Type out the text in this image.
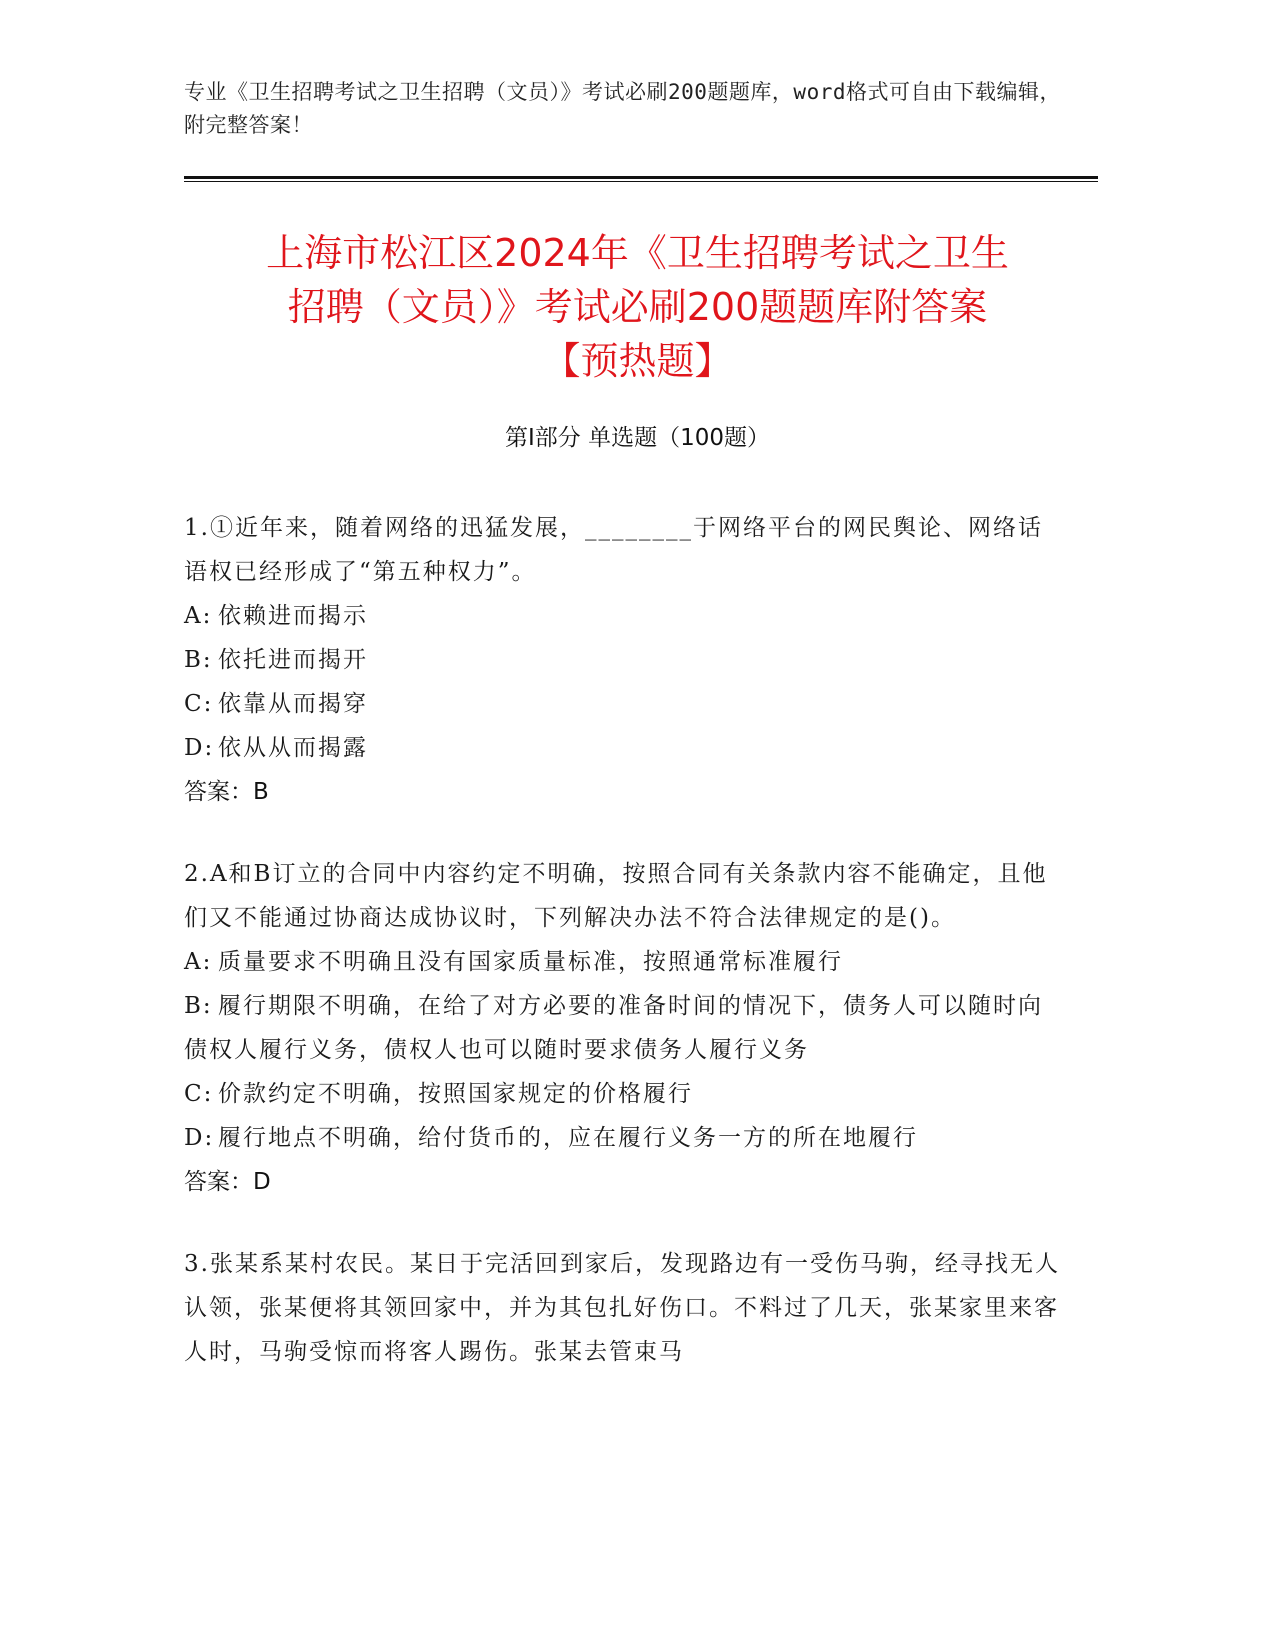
专业《卫生招聘考试之卫生招聘（文员）》考试必刷200题题库，word格式可自由下载编辑，附完整答案！
上海市松江区2024年《卫生招聘考试之卫生
招聘（文员）》考试必刷200题题库附答案
【预热题】
第Ⅰ部分 单选题（100题）
1.①近年来，随着网络的迅猛发展，________于网络平台的网民舆论、网络话语权已经形成了“第五种权力”。
A: 依赖进而揭示
B: 依托进而揭开
C: 依靠从而揭穿
D: 依从从而揭露
答案：B
2.A和B订立的合同中内容约定不明确，按照合同有关条款内容不能确定，且他们又不能通过协商达成协议时，下列解决办法不符合法律规定的是()。
A: 质量要求不明确且没有国家质量标准，按照通常标准履行
B: 履行期限不明确，在给了对方必要的准备时间的情况下，债务人可以随时向债权人履行义务，债权人也可以随时要求债务人履行义务
C: 价款约定不明确，按照国家规定的价格履行
D: 履行地点不明确，给付货币的，应在履行义务一方的所在地履行
答案：D
3.张某系某村农民。某日于完活回到家后，发现路边有一受伤马驹，经寻找无人认领，张某便将其领回家中，并为其包扎好伤口。不料过了几天，张某家里来客人时，马驹受惊而将客人踢伤。张某去管束马
